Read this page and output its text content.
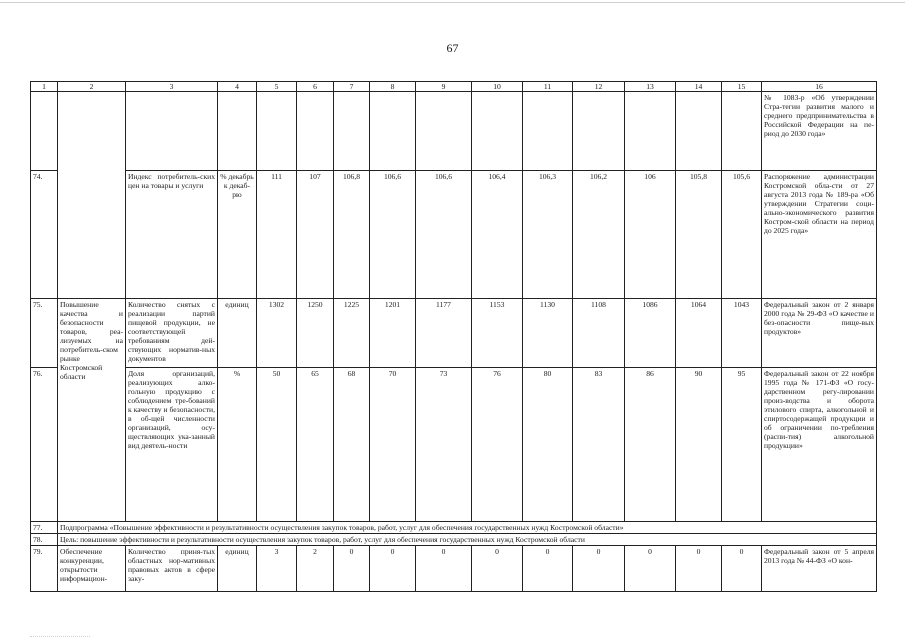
67
1	2	3	4	5	6	7	8	9	10	11	12	13	14	15	16
															№ 1083-р «Об утверждении Стра-тегии развития малого и среднего предпринимательства в Российской Федерации на пе-риод до 2030 года»
74.		Индекс потребитель-ских цен на товары и услуги	% декабрь к декаб-рю	111	107	106,8	106,6	106,6	106,4	106,3	106,2	106	105,8	105,6	Распоряжение администрации Костромской обла-сти от 27 августа 2013 года № 189-ра «Об утверждении Стратегии соци-ально-экономического развития Костром-ской области на период до 2025 года»
75.	Повышение качества и безопасности товаров, реа-лизуемых на потребитель-ском рынке Костромской области	Количество снятых с реализации партий пищевой продукции, не соответствующей требованиям дей-ствующих норматив-ных документов	единиц	1302	1250	1225	1201	1177	1153	1130	1108	1086	1064	1043	Федеральный закон от 2 января 2000 года № 29-ФЗ «О качестве и без-опасности пище-вых продуктов»
76.		Доля организаций, реализующих алко-гольную продукцию с соблюдением тре-бований к качеству и безопасности, в об-щей численности организаций, осу-ществляющих ука-занный вид деятель-ности	%	50	65	68	70	73	76	80	83	86	90	95	Федеральный закон от 22 ноября 1995 года № 171-ФЗ «О госу-дарственном регу-лировании произ-водства и оборота этилового спирта, алкогольной и спиртосодержащей продукции и об ограничении по-требления (распи-тия) алкогольной продукции»
77.	Подпрограмма «Повышение эффективности и результативности осуществления закупок товаров, работ, услуг для обеспечения государственных нужд Костромской области»														
78.	Цель: повышение эффективности и результативности осуществления закупок товаров, работ, услуг для обеспечения государственных нужд Костромской области														
79.	Обеспечение конкуренции, открытости информацион-	Количество приня-тых областных нор-мативных правовых актов в сфере заку-	единиц	3	2	0	0	0	0	0	0	0	0	0	Федеральный закон от 5 апреля 2013 года № 44-ФЗ «О кон-
